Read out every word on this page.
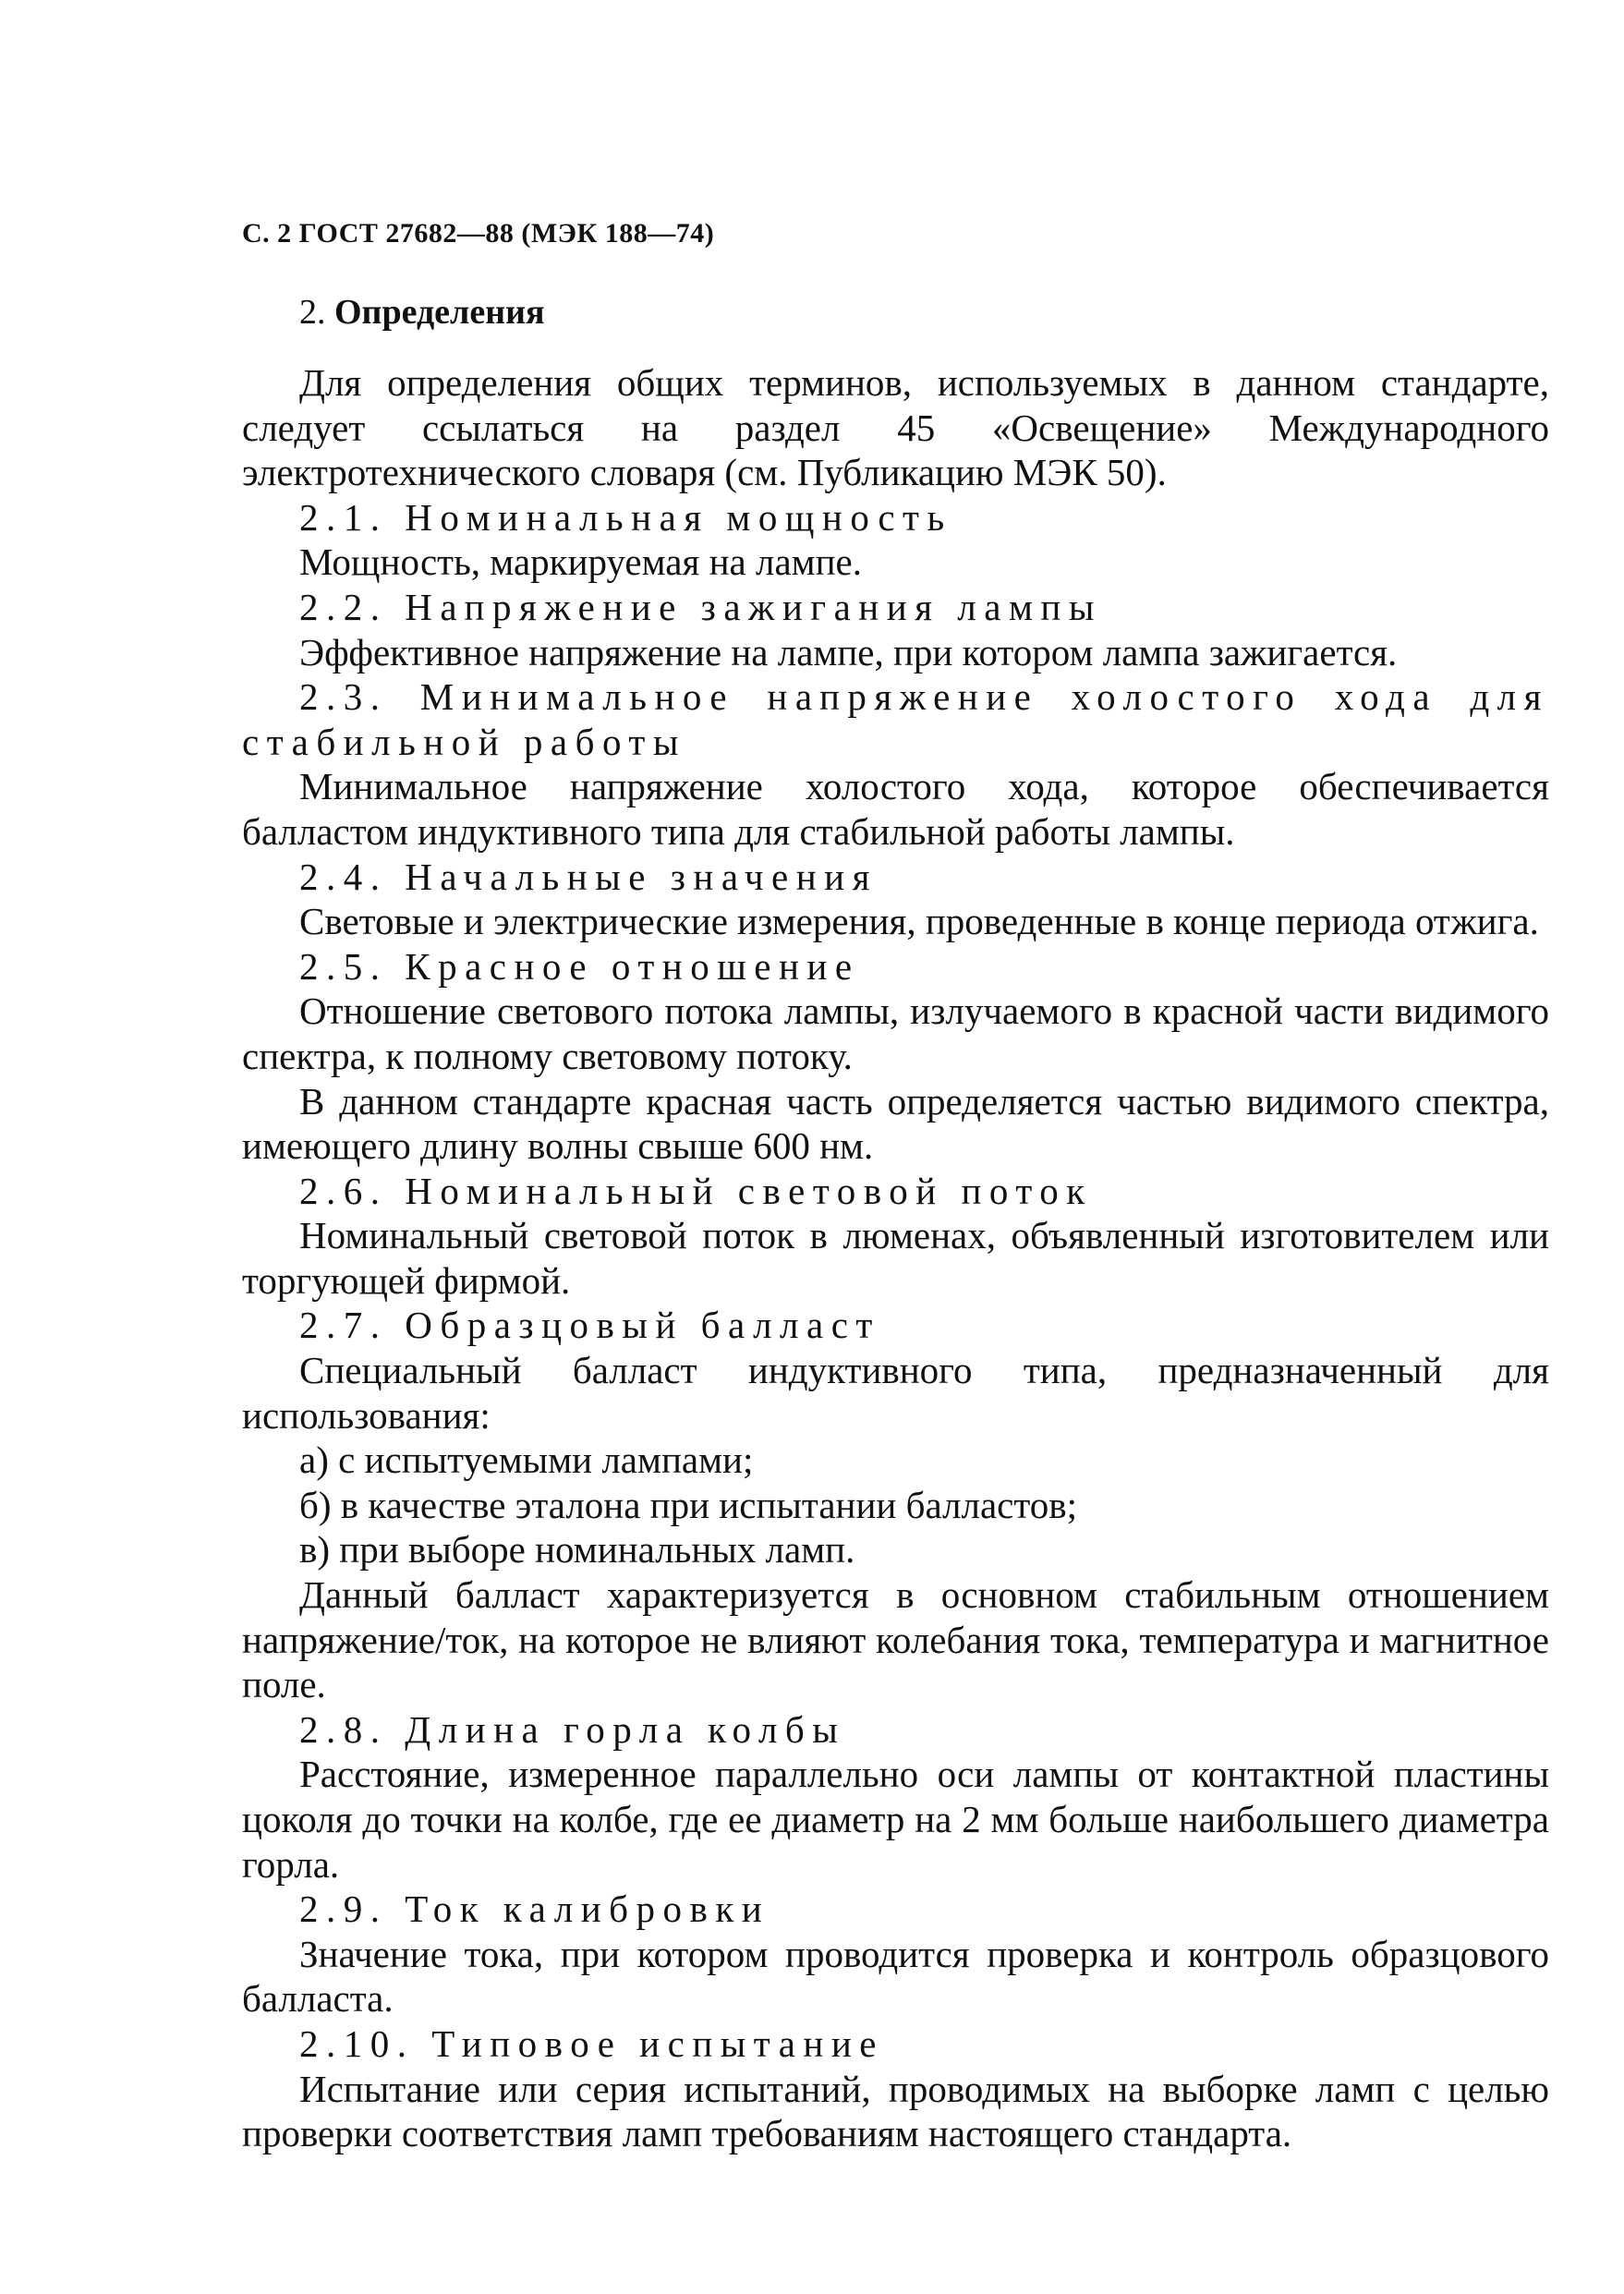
С. 2 ГОСТ 27682—88 (МЭК 188—74)
2. Определения

Для определения общих терминов, используемых в данном стандарте, следует ссылаться на раздел 45 «Освещение» Международного электротехнического словаря (см. Публикацию МЭК 50).

2.1. Номинальная мощность

Мощность, маркируемая на лампе.

2.2. Напряжение зажигания лампы

Эффективное напряжение на лампе, при котором лампа зажигается.

2.3. Минимальное напряжение холостого хода для стабильной работы

Минимальное напряжение холостого хода, которое обеспечивается балластом индуктивного типа для стабильной работы лампы.

2.4. Начальные значения

Световые и электрические измерения, проведенные в конце периода отжига.

2.5. Красное отношение

Отношение светового потока лампы, излучаемого в красной части видимого спектра, к полному световому потоку.

В данном стандарте красная часть определяется частью видимого спектра, имеющего длину волны свыше 600 нм.

2.6. Номинальный световой поток

Номинальный световой поток в люменах, объявленный изготовителем или торгующей фирмой.

2.7. Образцовый балласт

Специальный балласт индуктивного типа, предназначенный для использования:

а) с испытуемыми лампами;

б) в качестве эталона при испытании балластов;

в) при выборе номинальных ламп.

Данный балласт характеризуется в основном стабильным отношением напряжение/ток, на которое не влияют колебания тока, температура и магнитное поле.

2.8. Длина горла колбы

Расстояние, измеренное параллельно оси лампы от контактной пластины цоколя до точки на колбе, где ее диаметр на 2 мм больше наибольшего диаметра горла.

2.9. Ток калибровки

Значение тока, при котором проводится проверка и контроль образцового балласта.

2.10. Типовое испытание

Испытание или серия испытаний, проводимых на выборке ламп с целью проверки соответствия ламп требованиям настоящего стандарта.
